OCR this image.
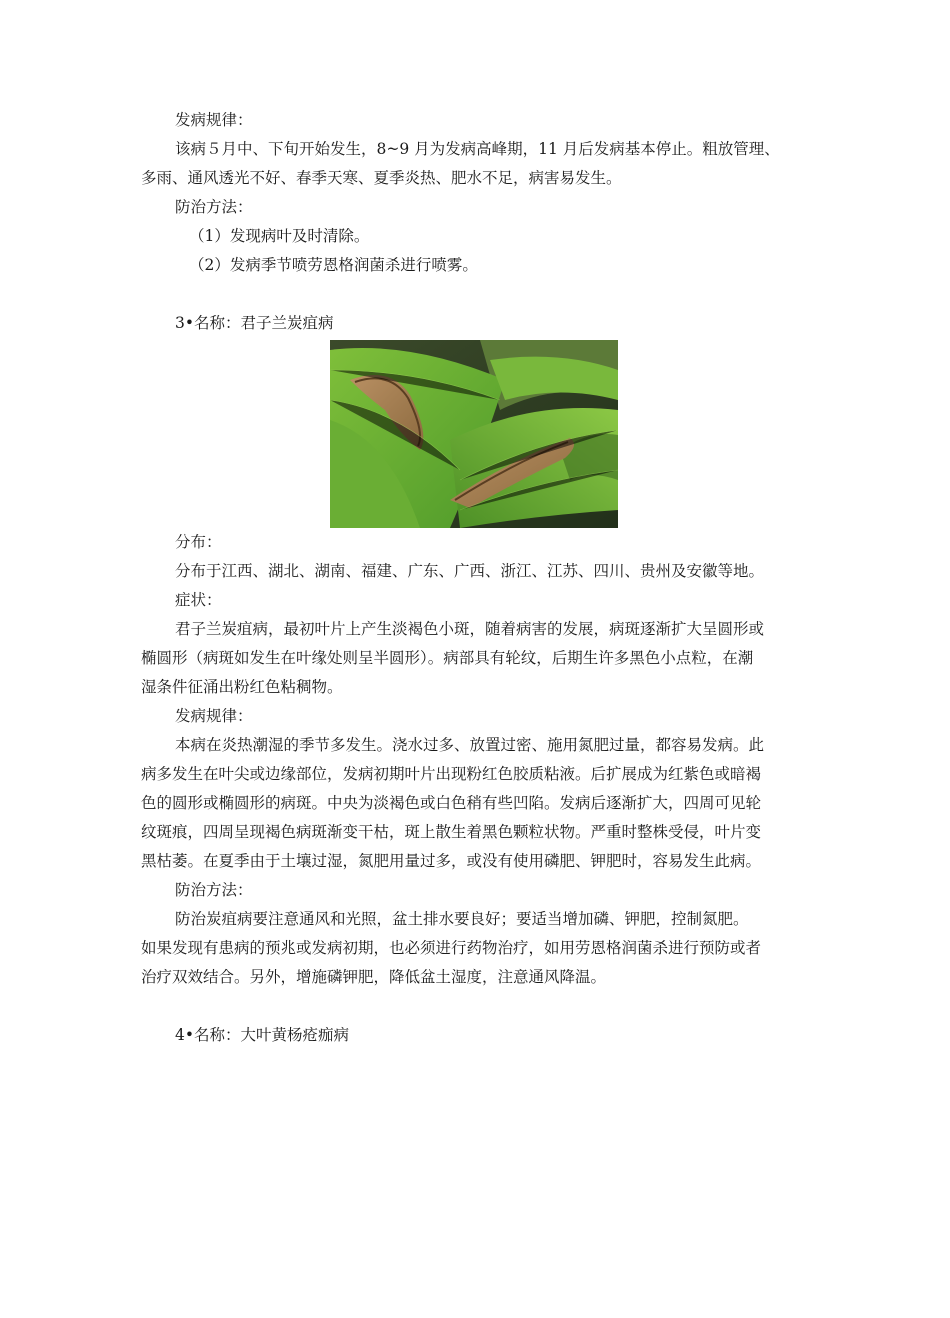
发病规律：

该病５月中、下旬开始发生，8~9 月为发病高峰期，11 月后发病基本停止。粗放管理、

多雨、通风透光不好、春季天寒、夏季炎热、肥水不足，病害易发生。

防治方法：

（1）发现病叶及时清除。

（2）发病季节喷劳恩格润菌杀进行喷雾。

3•名称：君子兰炭疽病

分布：

分布于江西、湖北、湖南、福建、广东、广西、浙江、江苏、四川、贵州及安徽等地。

症状：

君子兰炭疽病，最初叶片上产生淡褐色小斑，随着病害的发展，病斑逐渐扩大呈圆形或

椭圆形（病斑如发生在叶缘处则呈半圆形）。病部具有轮纹，后期生许多黑色小点粒，在潮

湿条件征涌出粉红色粘稠物。

发病规律：

本病在炎热潮湿的季节多发生。浇水过多、放置过密、施用氮肥过量，都容易发病。此

病多发生在叶尖或边缘部位，发病初期叶片出现粉红色胶质粘液。后扩展成为红紫色或暗褐

色的圆形或椭圆形的病斑。中央为淡褐色或白色稍有些凹陷。发病后逐渐扩大，四周可见轮

纹斑痕，四周呈现褐色病斑渐变干枯，斑上散生着黑色颗粒状物。严重时整株受侵，叶片变

黑枯萎。在夏季由于土壤过湿，氮肥用量过多，或没有使用磷肥、钾肥时，容易发生此病。

防治方法：

防治炭疽病要注意通风和光照，盆土排水要良好；要适当增加磷、钾肥，控制氮肥。

如果发现有患病的预兆或发病初期，也必须进行药物治疗，如用劳恩格润菌杀进行预防或者

治疗双效结合。另外，增施磷钾肥，降低盆土湿度，注意通风降温。

4•名称：大叶黄杨疮痂病
